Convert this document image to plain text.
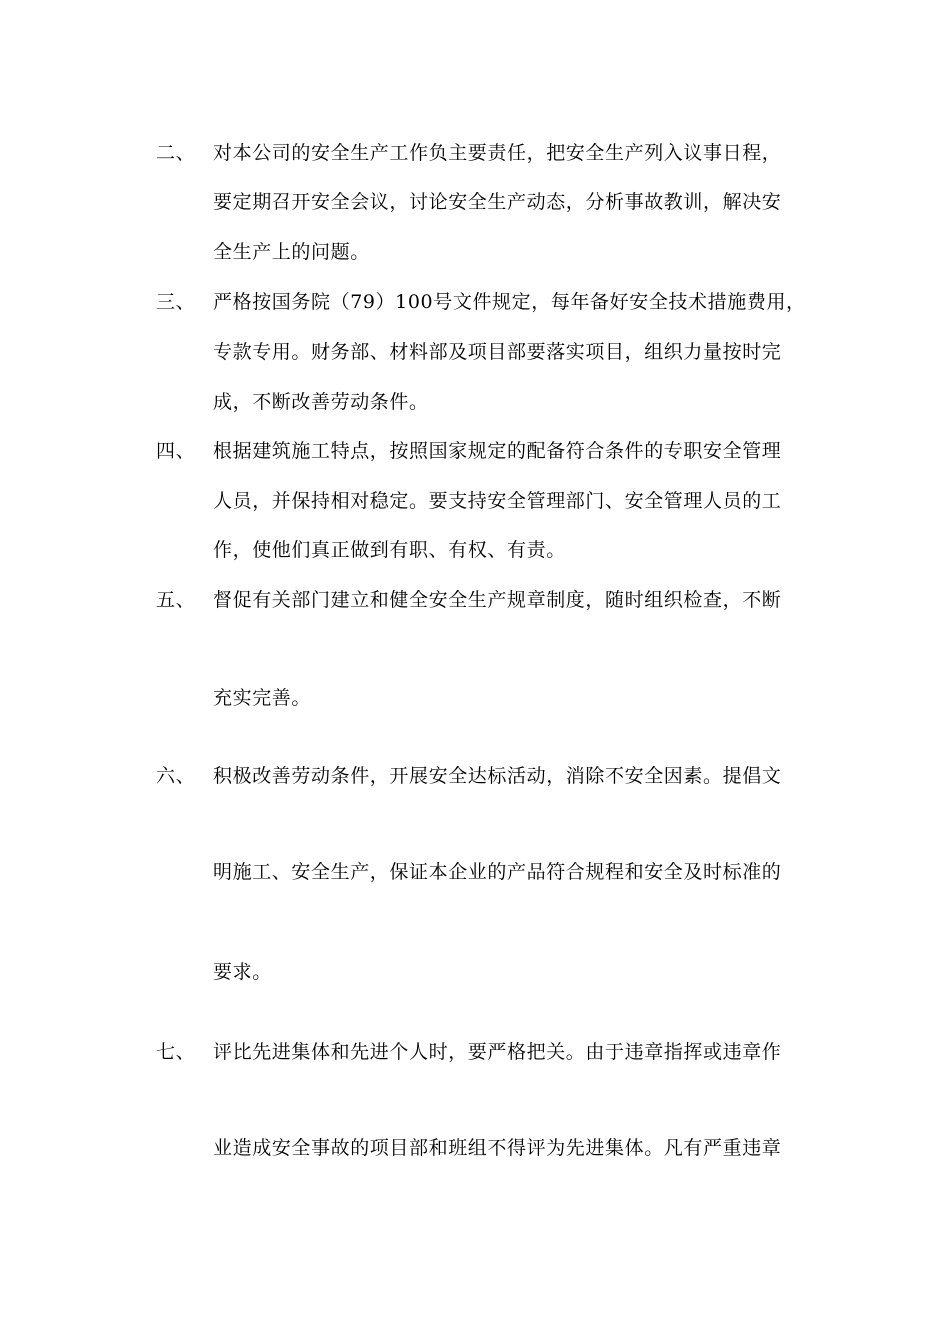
二、 对本公司的安全生产工作负主要责任，把安全生产列入议事日程，
要定期召开安全会议，讨论安全生产动态，分析事故教训，解决安
全生产上的问题。
三、 严格按国务院（79）100号文件规定，每年备好安全技术措施费用，
专款专用。财务部、材料部及项目部要落实项目，组织力量按时完
成，不断改善劳动条件。
四、 根据建筑施工特点，按照国家规定的配备符合条件的专职安全管理
人员，并保持相对稳定。要支持安全管理部门、安全管理人员的工
作，使他们真正做到有职、有权、有责。
五、 督促有关部门建立和健全安全生产规章制度，随时组织检查，不断
充实完善。
六、 积极改善劳动条件，开展安全达标活动，消除不安全因素。提倡文
明施工、安全生产，保证本企业的产品符合规程和安全及时标准的
要求。
七、 评比先进集体和先进个人时，要严格把关。由于违章指挥或违章作
业造成安全事故的项目部和班组不得评为先进集体。凡有严重违章
